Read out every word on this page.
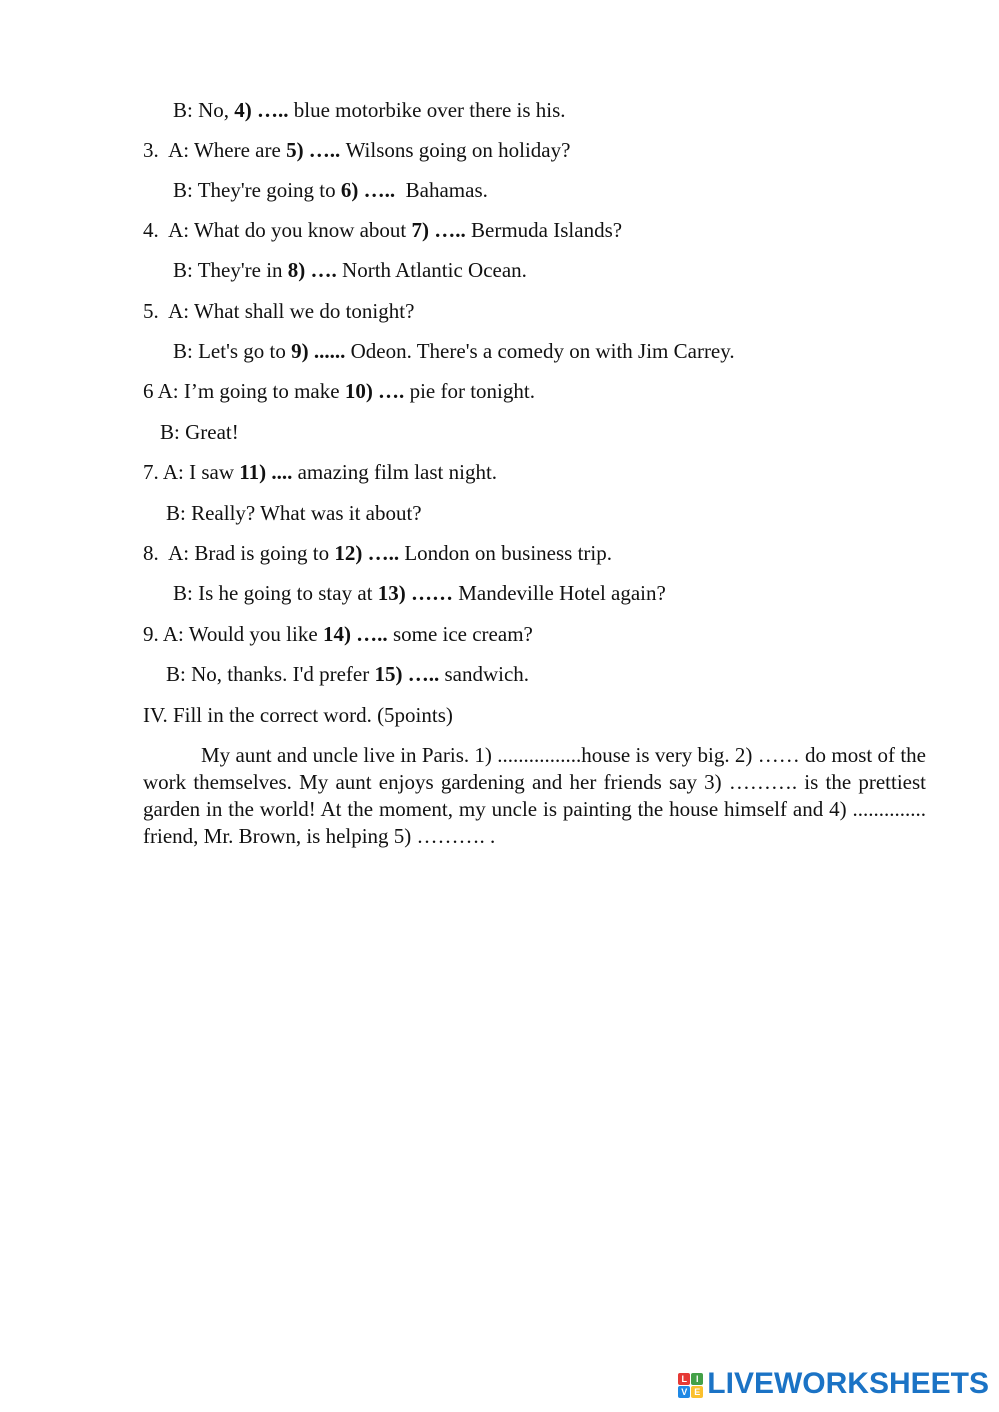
B: No, 4) ….. blue motorbike over there is his.
3.  A: Where are 5) ….. Wilsons going on holiday?
B: They're going to 6) …..  Bahamas.
4.  A: What do you know about 7) ….. Bermuda Islands?
B: They're in 8) …. North Atlantic Ocean.
5.  A: What shall we do tonight?
B: Let's go to 9) ...... Odeon. There's a comedy on with Jim Carrey.
6 A: I’m going to make 10) …. pie for tonight.
B: Great!
7. A: I saw 11) .... amazing film last night.
B: Really? What was it about?
8.  A: Brad is going to 12) ….. London on business trip.
B: Is he going to stay at 13) …… Mandeville Hotel again?
9. A: Would you like 14) ….. some ice cream?
B: No, thanks. I'd prefer 15) ….. sandwich.
IV. Fill in the correct word. (5points)
My aunt and uncle live in Paris. 1) ................house is very big. 2) …… do most of the work themselves. My aunt enjoys gardening and her friends say 3) ………. is the prettiest garden in the world! At the moment, my uncle is painting the house himself and 4) .............. friend, Mr. Brown, is helping 5) ………. .
L I
V E LIVEWORKSHEETS
